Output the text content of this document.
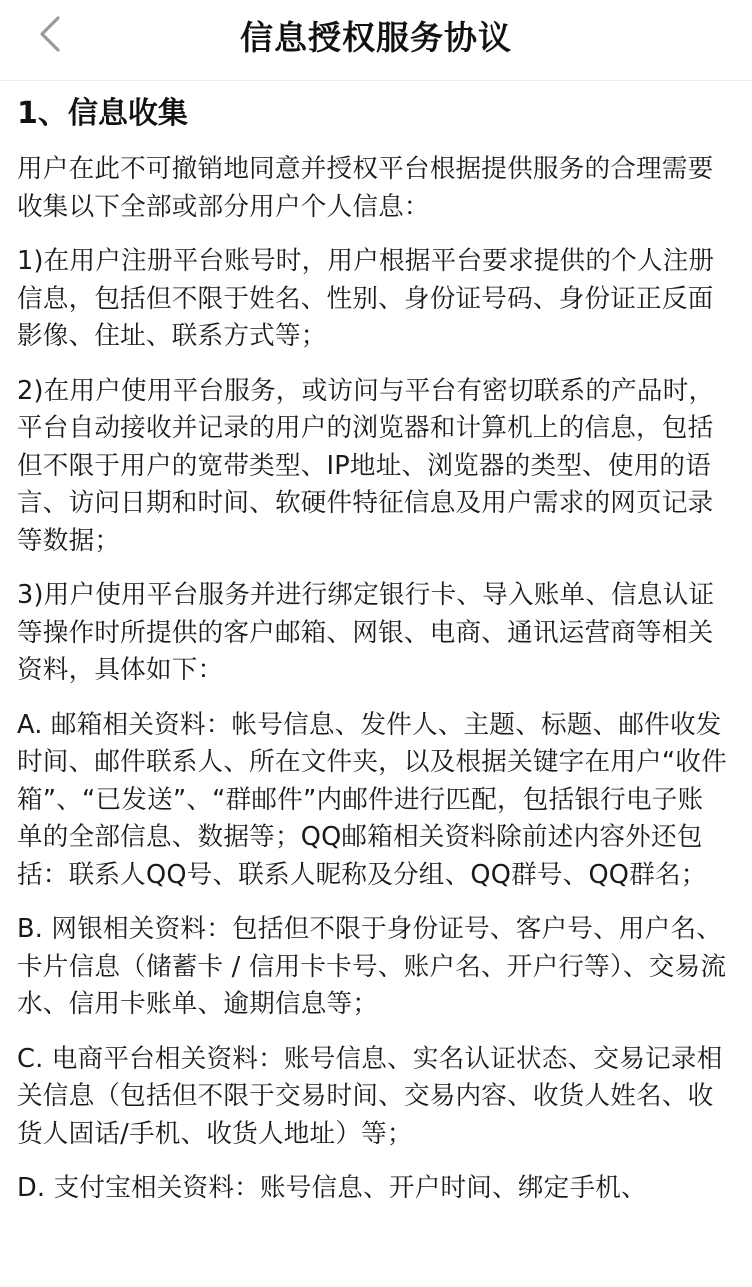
信息授权服务协议
1、信息收集

用户在此不可撤销地同意并授权平台根据提供服务的合理需要收集以下全部或部分用户个人信息：

1)在用户注册平台账号时，用户根据平台要求提供的个人注册信息，包括但不限于姓名、性别、身份证号码、身份证正反面影像、住址、联系方式等；

2)在用户使用平台服务，或访问与平台有密切联系的产品时，平台自动接收并记录的用户的浏览器和计算机上的信息，包括但不限于用户的宽带类型、IP地址、浏览器的类型、使用的语言、访问日期和时间、软硬件特征信息及用户需求的网页记录等数据；

3)用户使用平台服务并进行绑定银行卡、导入账单、信息认证等操作时所提供的客户邮箱、网银、电商、通讯运营商等相关资料，具体如下：

A. 邮箱相关资料：帐号信息、发件人、主题、标题、邮件收发时间、邮件联系人、所在文件夹，以及根据关键字在用户“收件箱”、“已发送”、“群邮件”内邮件进行匹配，包括银行电子账单的全部信息、数据等；QQ邮箱相关资料除前述内容外还包括：联系人QQ号、联系人昵称及分组、QQ群号、QQ群名；

B. 网银相关资料：包括但不限于身份证号、客户号、用户名、卡片信息（储蓄卡 / 信用卡卡号、账户名、开户行等）、交易流水、信用卡账单、逾期信息等；

C. 电商平台相关资料：账号信息、实名认证状态、交易记录相关信息（包括但不限于交易时间、交易内容、收货人姓名、收货人固话/手机、收货人地址）等；

D. 支付宝相关资料：账号信息、开户时间、绑定手机、
